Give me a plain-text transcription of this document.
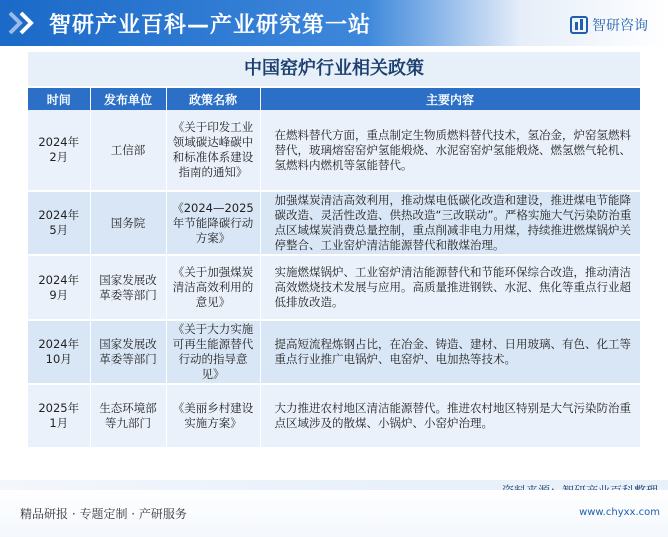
智研产业百科—产业研究第一站	智研咨询
中国窑炉行业相关政策
时间	发布单位	政策名称	主要内容
2024年
2月	工信部	《关于印发工业领域碳达峰碳中和标准体系建设指南的通知》	在燃料替代方面，重点制定生物质燃料替代技术，氢冶金，炉窑氢燃料替代，玻璃熔窑窑炉氢能煅烧、水泥窑窑炉氢能煅烧、燃氢燃气轮机、氢燃料内燃机等氢能替代。
2024年
5月	国务院	《2024—2025年节能降碳行动方案》	加强煤炭清洁高效利用，推动煤电低碳化改造和建设，推进煤电节能降碳改造、灵活性改造、供热改造“三改联动”。严格实施大气污染防治重点区域煤炭消费总量控制，重点削减非电力用煤，持续推进燃煤锅炉关停整合、工业窑炉清洁能源替代和散煤治理。
2024年
9月	国家发展改革委等部门	《关于加强煤炭清洁高效利用的意见》	实施燃煤锅炉、工业窑炉清洁能源替代和节能环保综合改造，推动清洁高效燃烧技术发展与应用。高质量推进钢铁、水泥、焦化等重点行业超低排放改造。
2024年
10月	国家发展改革委等部门	《关于大力实施可再生能源替代行动的指导意见》	提高短流程炼钢占比，在冶金、铸造、建材、日用玻璃、有色、化工等重点行业推广电锅炉、电窑炉、电加热等技术。
2025年
1月	生态环境部等九部门	《美丽乡村建设实施方案》	大力推进农村地区清洁能源替代。推进农村地区特别是大气污染防治重点区域涉及的散煤、小锅炉、小窑炉治理。
精品研报 · 专题定制 · 产研服务	www.chyxx.com
